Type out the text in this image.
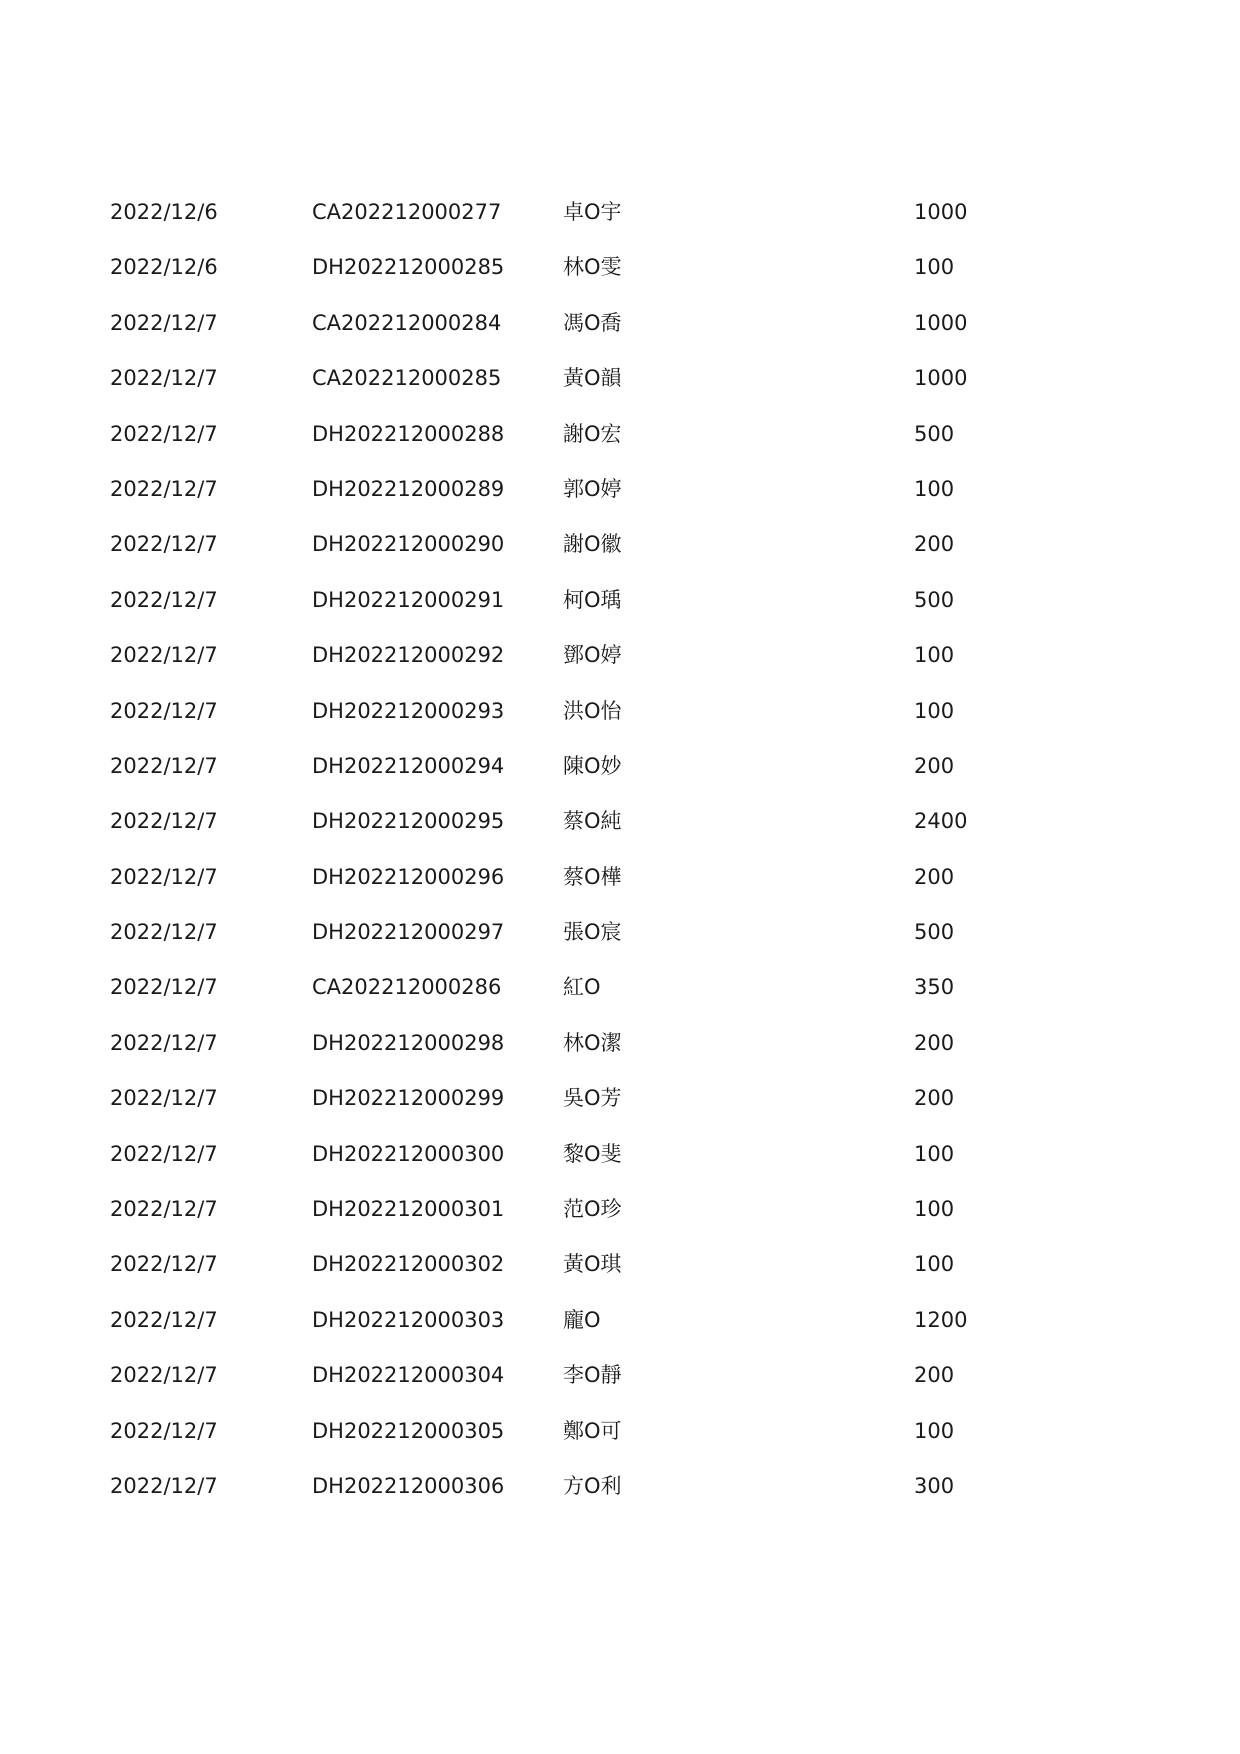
2022/12/6	CA202212000277	卓O宇	1000
2022/12/6	DH202212000285	林O雯	100
2022/12/7	CA202212000284	馮O喬	1000
2022/12/7	CA202212000285	黃O韻	1000
2022/12/7	DH202212000288	謝O宏	500
2022/12/7	DH202212000289	郭O婷	100
2022/12/7	DH202212000290	謝O徽	200
2022/12/7	DH202212000291	柯O瑀	500
2022/12/7	DH202212000292	鄧O婷	100
2022/12/7	DH202212000293	洪O怡	100
2022/12/7	DH202212000294	陳O妙	200
2022/12/7	DH202212000295	蔡O純	2400
2022/12/7	DH202212000296	蔡O樺	200
2022/12/7	DH202212000297	張O宸	500
2022/12/7	CA202212000286	紅O	350
2022/12/7	DH202212000298	林O潔	200
2022/12/7	DH202212000299	吳O芳	200
2022/12/7	DH202212000300	黎O斐	100
2022/12/7	DH202212000301	范O珍	100
2022/12/7	DH202212000302	黃O琪	100
2022/12/7	DH202212000303	龐O	1200
2022/12/7	DH202212000304	李O靜	200
2022/12/7	DH202212000305	鄭O可	100
2022/12/7	DH202212000306	方O利	300
